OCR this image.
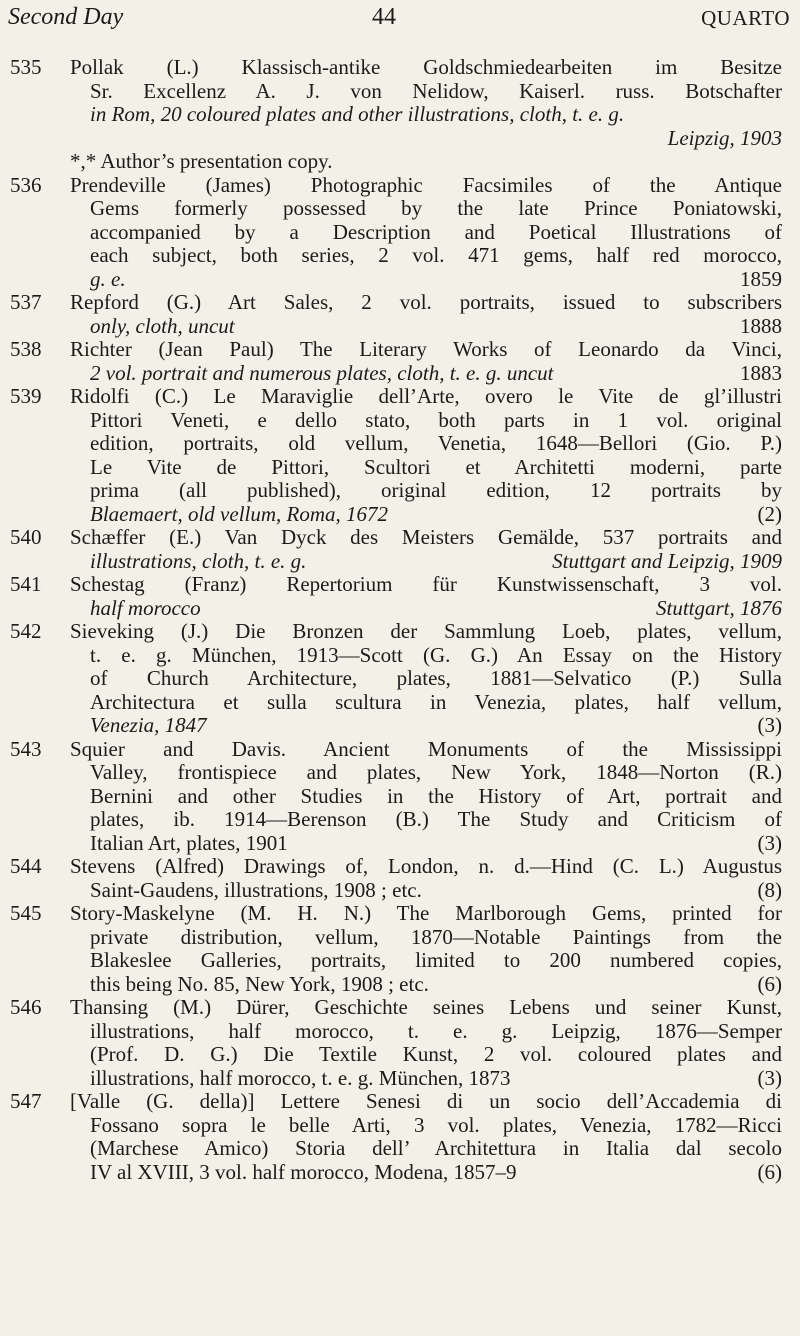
Second Day	44	QUARTO
535	Pollak (L.) Klassisch-antike Goldschmiedearbeiten im Besitze
Sr. Excellenz A. J. von Nelidow, Kaiserl. russ. Botschafter
in Rom, 20 coloured plates and other illustrations, cloth, t. e. g.
Leipzig, 1903
*,* Author’s presentation copy.
536	Prendeville (James) Photographic Facsimiles of the Antique
Gems formerly possessed by the late Prince Poniatowski,
accompanied by a Description and Poetical Illustrations of
each subject, both series, 2 vol. 471 gems, half red morocco,
g. e.	1859
537	Repford (G.) Art Sales, 2 vol. portraits, issued to subscribers
only, cloth, uncut	1888
538	Richter (Jean Paul) The Literary Works of Leonardo da Vinci,
2 vol. portrait and numerous plates, cloth, t. e. g. uncut	1883
539	Ridolfi (C.) Le Maraviglie dell’Arte, overo le Vite de gl’illustri
Pittori Veneti, e dello stato, both parts in 1 vol. original
edition, portraits, old vellum, Venetia, 1648—Bellori (Gio. P.)
Le Vite de Pittori, Scultori et Architetti moderni, parte
prima (all published), original edition, 12 portraits by
Blaemaert, old vellum, Roma, 1672	(2)
540	Schæffer (E.) Van Dyck des Meisters Gemälde, 537 portraits and
illustrations, cloth, t. e. g.	Stuttgart and Leipzig, 1909
541	Schestag (Franz) Repertorium für Kunstwissenschaft, 3 vol.
half morocco	Stuttgart, 1876
542	Sieveking (J.) Die Bronzen der Sammlung Loeb, plates, vellum,
t. e. g. München, 1913—Scott (G. G.) An Essay on the History
of Church Architecture, plates, 1881—Selvatico (P.) Sulla
Architectura et sulla scultura in Venezia, plates, half vellum,
Venezia, 1847	(3)
543	Squier and Davis. Ancient Monuments of the Mississippi
Valley, frontispiece and plates, New York, 1848—Norton (R.)
Bernini and other Studies in the History of Art, portrait and
plates, ib. 1914—Berenson (B.) The Study and Criticism of
Italian Art, plates, 1901	(3)
544	Stevens (Alfred) Drawings of, London, n. d.—Hind (C. L.) Augustus
Saint-Gaudens, illustrations, 1908 ; etc.	(8)
545	Story-Maskelyne (M. H. N.) The Marlborough Gems, printed for
private distribution, vellum, 1870—Notable Paintings from the
Blakeslee Galleries, portraits, limited to 200 numbered copies,
this being No. 85, New York, 1908 ; etc.	(6)
546	Thansing (M.) Dürer, Geschichte seines Lebens und seiner Kunst,
illustrations, half morocco, t. e. g. Leipzig, 1876—Semper
(Prof. D. G.) Die Textile Kunst, 2 vol. coloured plates and
illustrations, half morocco, t. e. g. München, 1873	(3)
547	[Valle (G. della)] Lettere Senesi di un socio dell’Accademia di
Fossano sopra le belle Arti, 3 vol. plates, Venezia, 1782—Ricci
(Marchese Amico) Storia dell’ Architettura in Italia dal secolo
IV al XVIII, 3 vol. half morocco, Modena, 1857–9	(6)
